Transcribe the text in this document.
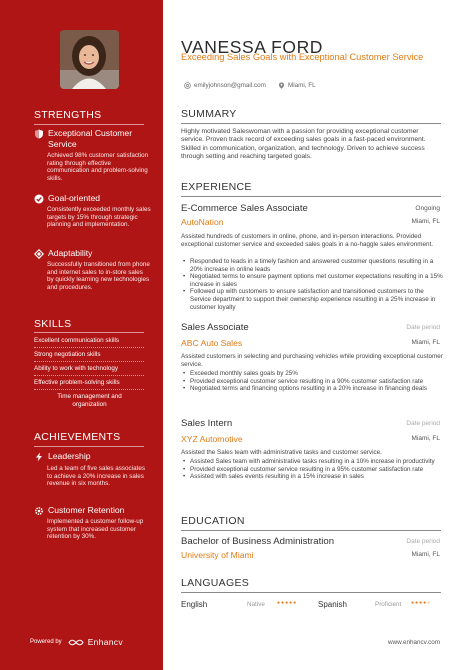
STRENGTHS
Exceptional Customer Service
Achieved 98% customer satisfaction rating through effective communication and problem-solving skills.
Goal-oriented
Consistently exceeded monthly sales targets by 15% through strategic planning and implementation.
Adaptability
Successfully transitioned from phone and internet sales to in-store sales by quickly learning new technologies and procedures.
SKILLS
Excellent communication skills
Strong negotiation skills
Ability to work with technology
Effective problem-solving skills
Time management and organization
ACHIEVEMENTS
Leadership
Led a team of five sales associates to achieve a 20% increase in sales revenue in six months.
Customer Retention
Implemented a customer follow-up system that increased customer retention by 30%.
Powered by	Enhancv
VANESSA FORD
Exceeding Sales Goals with Exceptional Customer Service
emilyjohnson@gmail.com	Miami, FL
SUMMARY
Highly motivated Saleswoman with a passion for providing exceptional customer service. Proven track record of exceeding sales goals in a fast-paced environment. Skilled in communication, organization, and technology. Driven to achieve success through setting and reaching targeted goals.
EXPERIENCE
E-Commerce Sales Associate	Ongoing
AutoNation	Miami, FL
Assisted hundreds of customers in online, phone, and in-person interactions. Provided exceptional customer service and exceeded sales goals in a no-haggle sales environment.
• Responded to leads in a timely fashion and answered customer questions resulting in a 20% increase in online leads
• Negotiated terms to ensure payment options met customer expectations resulting in a 15% increase in sales
• Followed up with customers to ensure satisfaction and transitioned customers to the Service department to support their ownership experience resulting in a 25% increase in customer loyalty
Sales Associate	Date period
ABC Auto Sales	Miami, FL
Assisted customers in selecting and purchasing vehicles while providing exceptional customer service.
• Exceeded monthly sales goals by 25%
• Provided exceptional customer service resulting in a 90% customer satisfaction rate
• Negotiated terms and financing options resulting in a 20% increase in financing deals
Sales Intern	Date period
XYZ Automotive	Miami, FL
Assisted the Sales team with administrative tasks and customer service.
• Assisted Sales team with administrative tasks resulting in a 10% increase in productivity
• Provided exceptional customer service resulting in a 95% customer satisfaction rate
• Assisted with sales events resulting in a 15% increase in sales
EDUCATION
Bachelor of Business Administration	Date period
University of Miami	Miami, FL
LANGUAGES
English	Native ●●●●●	Spanish	Proficient ●●●●●
www.enhancv.com
